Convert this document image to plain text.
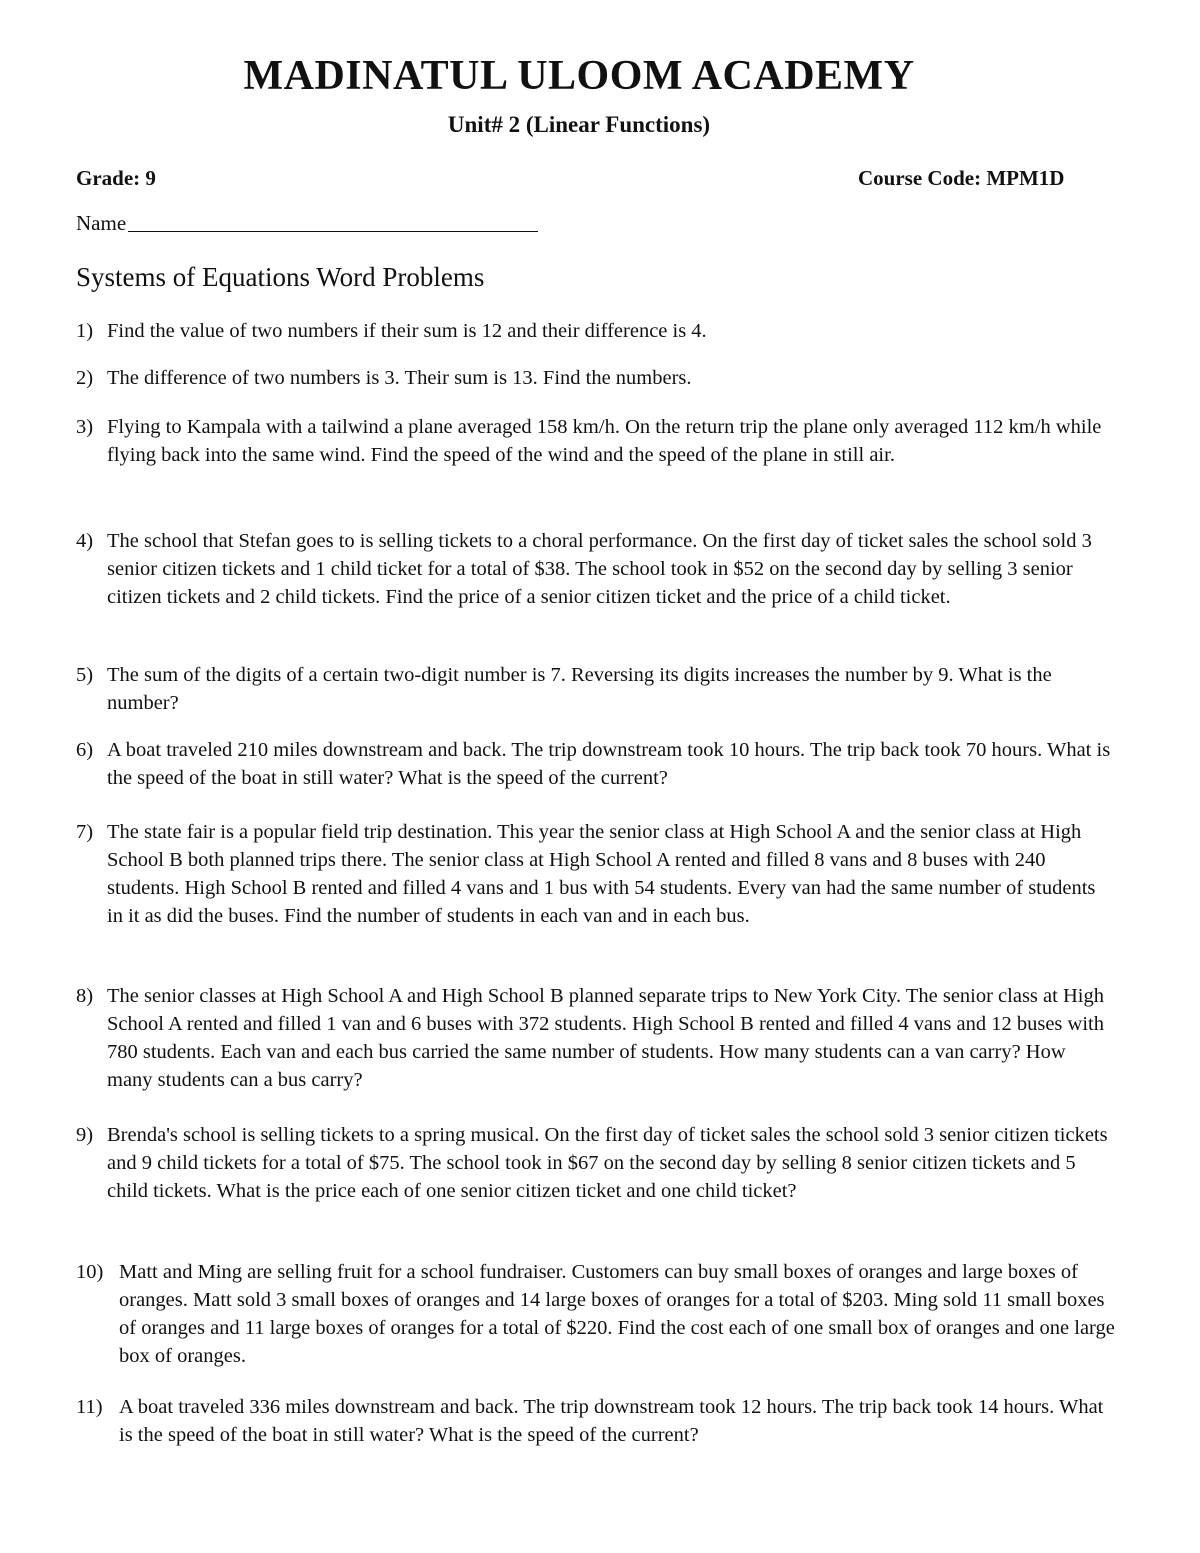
MADINATUL ULOOM ACADEMY
Unit# 2 (Linear Functions)
Grade: 9	Course Code: MPM1D
Name
Systems of Equations Word Problems
1) Find the value of two numbers if their sum is 12 and their difference is 4.
2) The difference of two numbers is 3. Their sum is 13. Find the numbers.
3) Flying to Kampala with a tailwind a plane averaged 158 km/h. On the return trip the plane only averaged 112 km/h while flying back into the same wind. Find the speed of the wind and the speed of the plane in still air.
4) The school that Stefan goes to is selling tickets to a choral performance. On the first day of ticket sales the school sold 3 senior citizen tickets and 1 child ticket for a total of $38. The school took in $52 on the second day by selling 3 senior citizen tickets and 2 child tickets. Find the price of a senior citizen ticket and the price of a child ticket.
5) The sum of the digits of a certain two-digit number is 7. Reversing its digits increases the number by 9. What is the number?
6) A boat traveled 210 miles downstream and back. The trip downstream took 10 hours. The trip back took 70 hours. What is the speed of the boat in still water? What is the speed of the current?
7) The state fair is a popular field trip destination. This year the senior class at High School A and the senior class at High School B both planned trips there. The senior class at High School A rented and filled 8 vans and 8 buses with 240 students. High School B rented and filled 4 vans and 1 bus with 54 students. Every van had the same number of students in it as did the buses. Find the number of students in each van and in each bus.
8) The senior classes at High School A and High School B planned separate trips to New York City. The senior class at High School A rented and filled 1 van and 6 buses with 372 students. High School B rented and filled 4 vans and 12 buses with 780 students. Each van and each bus carried the same number of students. How many students can a van carry? How many students can a bus carry?
9) Brenda's school is selling tickets to a spring musical. On the first day of ticket sales the school sold 3 senior citizen tickets and 9 child tickets for a total of $75. The school took in $67 on the second day by selling 8 senior citizen tickets and 5 child tickets. What is the price each of one senior citizen ticket and one child ticket?
10) Matt and Ming are selling fruit for a school fundraiser. Customers can buy small boxes of oranges and large boxes of oranges. Matt sold 3 small boxes of oranges and 14 large boxes of oranges for a total of $203. Ming sold 11 small boxes of oranges and 11 large boxes of oranges for a total of $220. Find the cost each of one small box of oranges and one large box of oranges.
11) A boat traveled 336 miles downstream and back. The trip downstream took 12 hours. The trip back took 14 hours. What is the speed of the boat in still water? What is the speed of the current?
